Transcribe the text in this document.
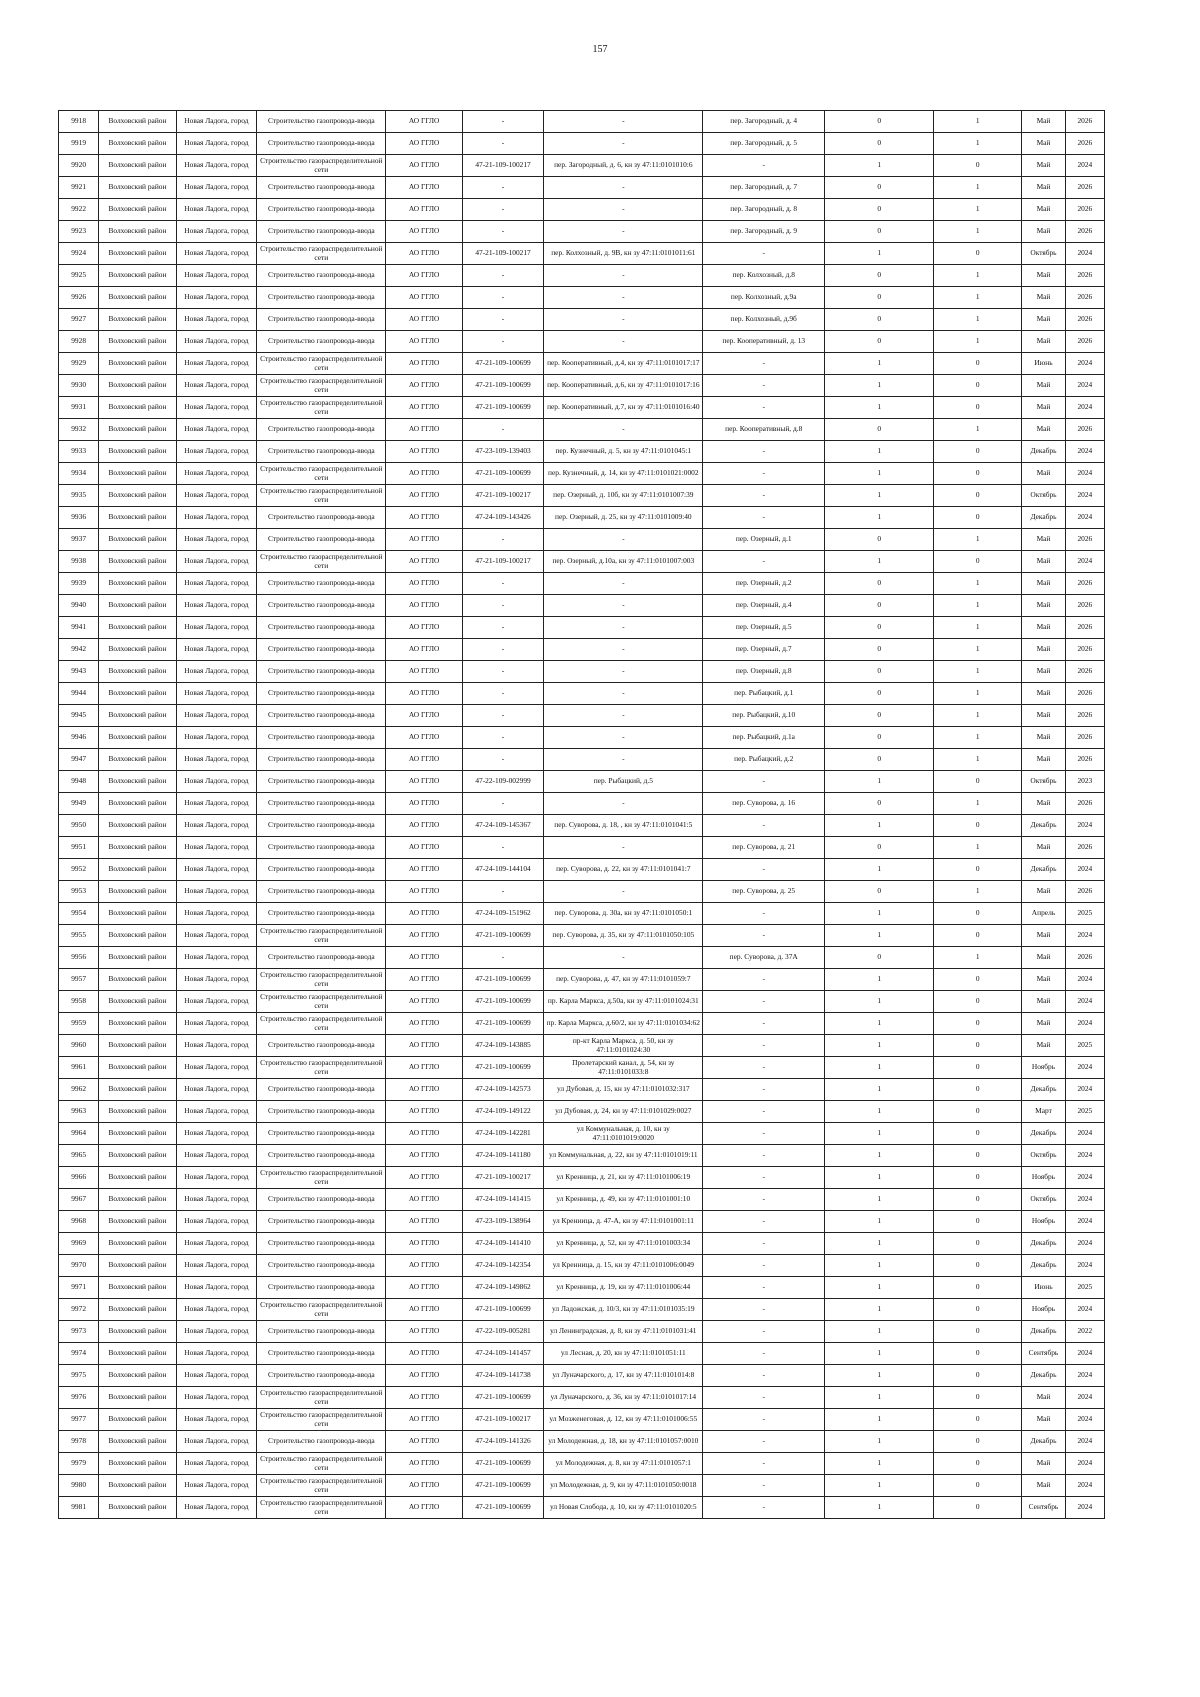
157
9918	Волховский район	Новая Ладога, город	Строительство газопровода-ввода	АО ГГЛО	-	-	пер. Загородный, д. 4	0	1	Май	2026
9919	Волховский район	Новая Ладога, город	Строительство газопровода-ввода	АО ГГЛО	-	-	пер. Загородный, д. 5	0	1	Май	2026
9920	Волховский район	Новая Ладога, город	Строительство газораспределительной сети	АО ГГЛО	47-21-109-100217	пер. Загородный, д. 6, кн зу 47:11:0101010:6	-	1	0	Май	2024
9921	Волховский район	Новая Ладога, город	Строительство газопровода-ввода	АО ГГЛО	-	-	пер. Загородный, д. 7	0	1	Май	2026
9922	Волховский район	Новая Ладога, город	Строительство газопровода-ввода	АО ГГЛО	-	-	пер. Загородный, д. 8	0	1	Май	2026
9923	Волховский район	Новая Ладога, город	Строительство газопровода-ввода	АО ГГЛО	-	-	пер. Загородный, д. 9	0	1	Май	2026
9924	Волховский район	Новая Ладога, город	Строительство газораспределительной сети	АО ГГЛО	47-21-109-100217	пер. Колхозный, д. 9В, кн зу 47:11:0101011:61	-	1	0	Октябрь	2024
9925	Волховский район	Новая Ладога, город	Строительство газопровода-ввода	АО ГГЛО	-	-	пер. Колхозный, д.8	0	1	Май	2026
9926	Волховский район	Новая Ладога, город	Строительство газопровода-ввода	АО ГГЛО	-	-	пер. Колхозный, д.9а	0	1	Май	2026
9927	Волховский район	Новая Ладога, город	Строительство газопровода-ввода	АО ГГЛО	-	-	пер. Колхозный, д.9б	0	1	Май	2026
9928	Волховский район	Новая Ладога, город	Строительство газопровода-ввода	АО ГГЛО	-	-	пер. Кооперативный, д. 13	0	1	Май	2026
9929	Волховский район	Новая Ладога, город	Строительство газораспределительной сети	АО ГГЛО	47-21-109-100699	пер. Кооперативный, д.4, кн зу 47:11:0101017:17	-	1	0	Июнь	2024
9930	Волховский район	Новая Ладога, город	Строительство газораспределительной сети	АО ГГЛО	47-21-109-100699	пер. Кооперативный, д.6, кн зу 47:11:0101017:16	-	1	0	Май	2024
9931	Волховский район	Новая Ладога, город	Строительство газораспределительной сети	АО ГГЛО	47-21-109-100699	пер. Кооперативный, д.7, кн зу 47:11:0101016:40	-	1	0	Май	2024
9932	Волховский район	Новая Ладога, город	Строительство газопровода-ввода	АО ГГЛО	-	-	пер. Кооперативный, д.8	0	1	Май	2026
9933	Волховский район	Новая Ладога, город	Строительство газопровода-ввода	АО ГГЛО	47-23-109-139403	пер. Кузнечный, д. 5, кн зу 47:11:0101045:1	-	1	0	Декабрь	2024
9934	Волховский район	Новая Ладога, город	Строительство газораспределительной сети	АО ГГЛО	47-21-109-100699	пер. Кузнечный, д. 14, кн зу 47:11:0101021:0002	-	1	0	Май	2024
9935	Волховский район	Новая Ладога, город	Строительство газораспределительной сети	АО ГГЛО	47-21-109-100217	пер. Озерный, д. 10б, кн зу 47:11:0101007:39	-	1	0	Октябрь	2024
9936	Волховский район	Новая Ладога, город	Строительство газопровода-ввода	АО ГГЛО	47-24-109-143426	пер. Озерный, д. 25, кн зу 47:11:0101009:40	-	1	0	Декабрь	2024
9937	Волховский район	Новая Ладога, город	Строительство газопровода-ввода	АО ГГЛО	-	-	пер. Озерный, д.1	0	1	Май	2026
9938	Волховский район	Новая Ладога, город	Строительство газораспределительной сети	АО ГГЛО	47-21-109-100217	пер. Озерный, д.10а, кн зу 47:11:0101007:003	-	1	0	Май	2024
9939	Волховский район	Новая Ладога, город	Строительство газопровода-ввода	АО ГГЛО	-	-	пер. Озерный, д.2	0	1	Май	2026
9940	Волховский район	Новая Ладога, город	Строительство газопровода-ввода	АО ГГЛО	-	-	пер. Озерный, д.4	0	1	Май	2026
9941	Волховский район	Новая Ладога, город	Строительство газопровода-ввода	АО ГГЛО	-	-	пер. Озерный, д.5	0	1	Май	2026
9942	Волховский район	Новая Ладога, город	Строительство газопровода-ввода	АО ГГЛО	-	-	пер. Озерный, д.7	0	1	Май	2026
9943	Волховский район	Новая Ладога, город	Строительство газопровода-ввода	АО ГГЛО	-	-	пер. Озерный, д.8	0	1	Май	2026
9944	Волховский район	Новая Ладога, город	Строительство газопровода-ввода	АО ГГЛО	-	-	пер. Рыбацкий, д.1	0	1	Май	2026
9945	Волховский район	Новая Ладога, город	Строительство газопровода-ввода	АО ГГЛО	-	-	пер. Рыбацкий, д.10	0	1	Май	2026
9946	Волховский район	Новая Ладога, город	Строительство газопровода-ввода	АО ГГЛО	-	-	пер. Рыбацкий, д.1а	0	1	Май	2026
9947	Волховский район	Новая Ладога, город	Строительство газопровода-ввода	АО ГГЛО	-	-	пер. Рыбацкий, д.2	0	1	Май	2026
9948	Волховский район	Новая Ладога, город	Строительство газопровода-ввода	АО ГГЛО	47-22-109-002999	пер. Рыбацкий, д.5	-	1	0	Октябрь	2023
9949	Волховский район	Новая Ладога, город	Строительство газопровода-ввода	АО ГГЛО	-	-	пер. Суворова, д. 16	0	1	Май	2026
9950	Волховский район	Новая Ладога, город	Строительство газопровода-ввода	АО ГГЛО	47-24-109-145367	пер. Суворова, д. 18, , кн зу 47:11:0101041:5	-	1	0	Декабрь	2024
9951	Волховский район	Новая Ладога, город	Строительство газопровода-ввода	АО ГГЛО	-	-	пер. Суворова, д. 21	0	1	Май	2026
9952	Волховский район	Новая Ладога, город	Строительство газопровода-ввода	АО ГГЛО	47-24-109-144104	пер. Суворова, д. 22, кн зу 47:11:0101041:7	-	1	0	Декабрь	2024
9953	Волховский район	Новая Ладога, город	Строительство газопровода-ввода	АО ГГЛО	-	-	пер. Суворова, д. 25	0	1	Май	2026
9954	Волховский район	Новая Ладога, город	Строительство газопровода-ввода	АО ГГЛО	47-24-109-151962	пер. Суворова, д. 30а, кн зу 47:11:0101050:1	-	1	0	Апрель	2025
9955	Волховский район	Новая Ладога, город	Строительство газораспределительной сети	АО ГГЛО	47-21-109-100699	пер. Суворова, д. 35, кн зу 47:11:0101050:105	-	1	0	Май	2024
9956	Волховский район	Новая Ладога, город	Строительство газопровода-ввода	АО ГГЛО	-	-	пер. Суворова, д. 37А	0	1	Май	2026
9957	Волховский район	Новая Ладога, город	Строительство газораспределительной сети	АО ГГЛО	47-21-109-100699	пер. Суворова, д. 47, кн зу 47:11:0101059:7	-	1	0	Май	2024
9958	Волховский район	Новая Ладога, город	Строительство газораспределительной сети	АО ГГЛО	47-21-109-100699	пр. Карла Маркса, д.50а, кн зу 47:11:0101024:31	-	1	0	Май	2024
9959	Волховский район	Новая Ладога, город	Строительство газораспределительной сети	АО ГГЛО	47-21-109-100699	пр. Карла Маркса, д.60/2, кн зу 47:11:0101034:62	-	1	0	Май	2024
9960	Волховский район	Новая Ладога, город	Строительство газопровода-ввода	АО ГГЛО	47-24-109-143885	пр-кт Карла Маркса, д. 50, кн зу 47:11:0101024:30	-	1	0	Май	2025
9961	Волховский район	Новая Ладога, город	Строительство газораспределительной сети	АО ГГЛО	47-21-109-100699	Пролетарский канал, д. 54, кн зу 47:11:0101033:8	-	1	0	Ноябрь	2024
9962	Волховский район	Новая Ладога, город	Строительство газопровода-ввода	АО ГГЛО	47-24-109-142573	ул Дубовая, д. 15, кн зу 47:11:0101032:317	-	1	0	Декабрь	2024
9963	Волховский район	Новая Ладога, город	Строительство газопровода-ввода	АО ГГЛО	47-24-109-149122	ул Дубовая, д. 24, кн зу 47:11:0101029:0027	-	1	0	Март	2025
9964	Волховский район	Новая Ладога, город	Строительство газопровода-ввода	АО ГГЛО	47-24-109-142281	ул Коммунальная, д. 10, кн зу 47:11:0101019:0020	-	1	0	Декабрь	2024
9965	Волховский район	Новая Ладога, город	Строительство газопровода-ввода	АО ГГЛО	47-24-109-141180	ул Коммунальная, д. 22, кн зу 47:11:0101019:11	-	1	0	Октябрь	2024
9966	Волховский район	Новая Ладога, город	Строительство газораспределительной сети	АО ГГЛО	47-21-109-100217	ул Кренница, д. 21, кн зу 47:11:0101006:19	-	1	0	Ноябрь	2024
9967	Волховский район	Новая Ладога, город	Строительство газопровода-ввода	АО ГГЛО	47-24-109-141415	ул Кренница, д. 49, кн зу 47:11:0101001:10	-	1	0	Октябрь	2024
9968	Волховский район	Новая Ладога, город	Строительство газопровода-ввода	АО ГГЛО	47-23-109-138964	ул Кренница, д. 47-А, кн зу 47:11:0101001:11	-	1	0	Ноябрь	2024
9969	Волховский район	Новая Ладога, город	Строительство газопровода-ввода	АО ГГЛО	47-24-109-141410	ул Кренница, д. 52, кн зу 47:11:0101003:34	-	1	0	Декабрь	2024
9970	Волховский район	Новая Ладога, город	Строительство газопровода-ввода	АО ГГЛО	47-24-109-142354	ул Кренница, д. 15, кн зу 47:11:0101006:0049	-	1	0	Декабрь	2024
9971	Волховский район	Новая Ладога, город	Строительство газопровода-ввода	АО ГГЛО	47-24-109-149862	ул Кренница, д. 19, кн зу 47:11:0101006:44	-	1	0	Июнь	2025
9972	Волховский район	Новая Ладога, город	Строительство газораспределительной сети	АО ГГЛО	47-21-109-100699	ул Ладожская, д. 10/3, кн зу 47:11:0101035:19	-	1	0	Ноябрь	2024
9973	Волховский район	Новая Ладога, город	Строительство газопровода-ввода	АО ГГЛО	47-22-109-005281	ул Ленинградская, д. 8, кн зу 47:11:0101031:41	-	1	0	Декабрь	2022
9974	Волховский район	Новая Ладога, город	Строительство газопровода-ввода	АО ГГЛО	47-24-109-141457	ул Лесная, д. 20, кн зу 47:11:0101051:11	-	1	0	Сентябрь	2024
9975	Волховский район	Новая Ладога, город	Строительство газопровода-ввода	АО ГГЛО	47-24-109-141738	ул Луначарского, д. 17, кн зу 47:11:0101014:8	-	1	0	Декабрь	2024
9976	Волховский район	Новая Ладога, город	Строительство газораспределительной сети	АО ГГЛО	47-21-109-100699	ул Луначарского, д. 36, кн зу 47:11:0101017:14	-	1	0	Май	2024
9977	Волховский район	Новая Ладога, город	Строительство газораспределительной сети	АО ГГЛО	47-21-109-100217	ул Мозженеговая, д. 12, кн зу 47:11:0101006:55	-	1	0	Май	2024
9978	Волховский район	Новая Ладога, город	Строительство газопровода-ввода	АО ГГЛО	47-24-109-141326	ул Молодежная, д. 18, кн зу 47:11:0101057:0010	-	1	0	Декабрь	2024
9979	Волховский район	Новая Ладога, город	Строительство газораспределительной сети	АО ГГЛО	47-21-109-100699	ул Молодежная, д. 8, кн зу 47:11:0101057:1	-	1	0	Май	2024
9980	Волховский район	Новая Ладога, город	Строительство газораспределительной сети	АО ГГЛО	47-21-109-100699	ул Молодежная, д. 9, кн зу 47:11:0101050:0018	-	1	0	Май	2024
9981	Волховский район	Новая Ладога, город	Строительство газораспределительной сети	АО ГГЛО	47-21-109-100699	ул Новая Слобода, д. 10, кн зу 47:11:0101020:5	-	1	0	Сентябрь	2024
